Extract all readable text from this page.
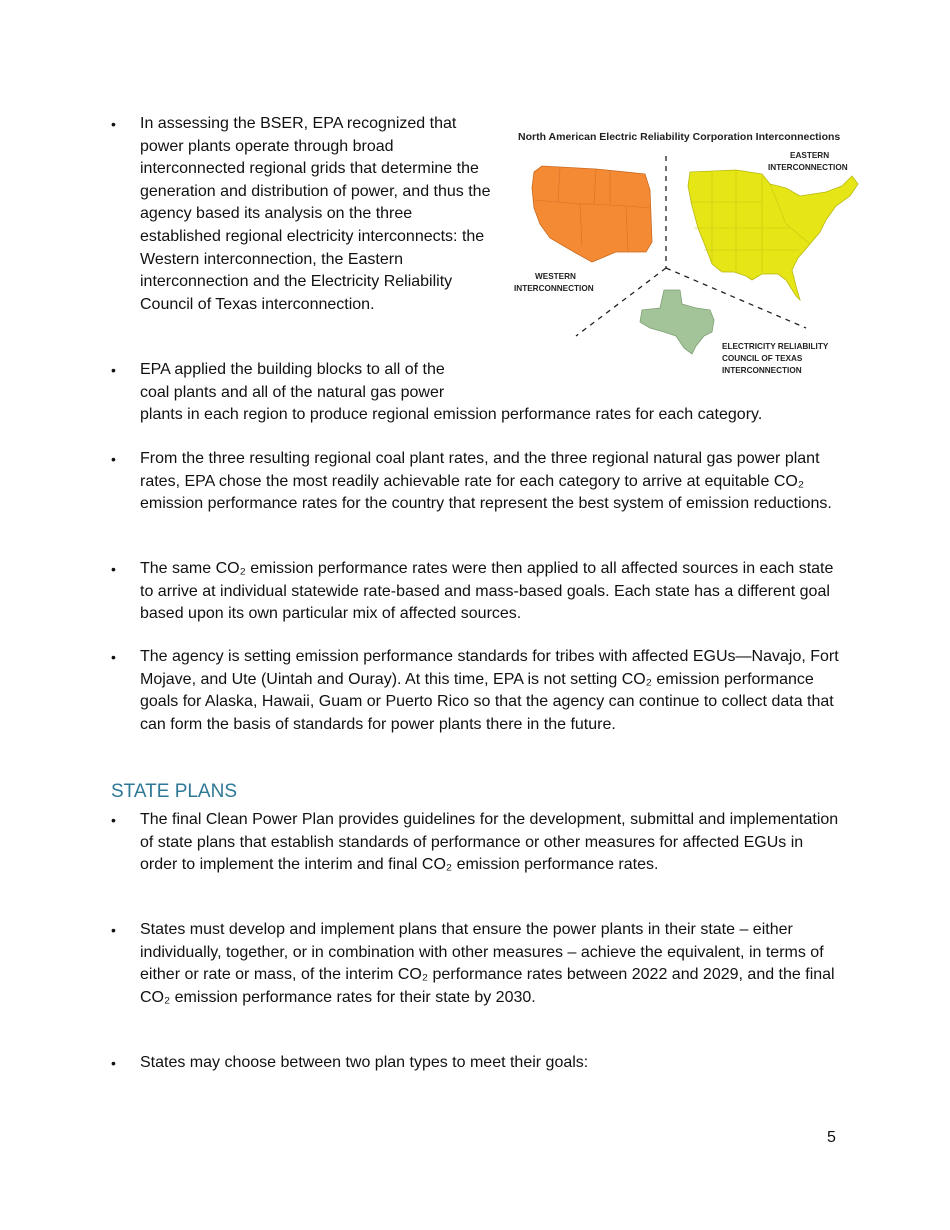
•	In assessing the BSER, EPA recognized that power plants operate through broad interconnected regional grids that determine the generation and distribution of power, and thus the agency based its analysis on the three established regional electricity interconnects: the Western interconnection, the Eastern interconnection and the Electricity Reliability Council of Texas interconnection.

North American Electric Reliability Corporation Interconnections
EASTERN
INTERCONNECTION
WESTERN
INTERCONNECTION
ELECTRICITY RELIABILITY
COUNCIL OF TEXAS
INTERCONNECTION
•	EPA applied the building blocks to all of the
coal plants and all of the natural gas power
plants in each region to produce regional emission performance rates for each category.
•	From the three resulting regional coal plant rates, and the three regional natural gas power plant rates, EPA chose the most readily achievable rate for each category to arrive at equitable CO₂ emission performance rates for the country that represent the best system of emission reductions.

•	The same CO₂ emission performance rates were then applied to all affected sources in each state to arrive at individual statewide rate-based and mass-based goals. Each state has a different goal based upon its own particular mix of affected sources.

•	The agency is setting emission performance standards for tribes with affected EGUs—Navajo, Fort Mojave, and Ute (Uintah and Ouray). At this time, EPA is not setting CO₂ emission performance goals for Alaska, Hawaii, Guam or Puerto Rico so that the agency can continue to collect data that can form the basis of standards for power plants there in the future.

STATE PLANS
•	The final Clean Power Plan provides guidelines for the development, submittal and implementation of state plans that establish standards of performance or other measures for affected EGUs in order to implement the interim and final CO₂ emission performance rates.

•	States must develop and implement plans that ensure the power plants in their state – either individually, together, or in combination with other measures – achieve the equivalent, in terms of either or rate or mass, of the interim CO₂ performance rates between 2022 and 2029, and the final CO₂ emission performance rates for their state by 2030.

•	States may choose between two plan types to meet their goals:

5
